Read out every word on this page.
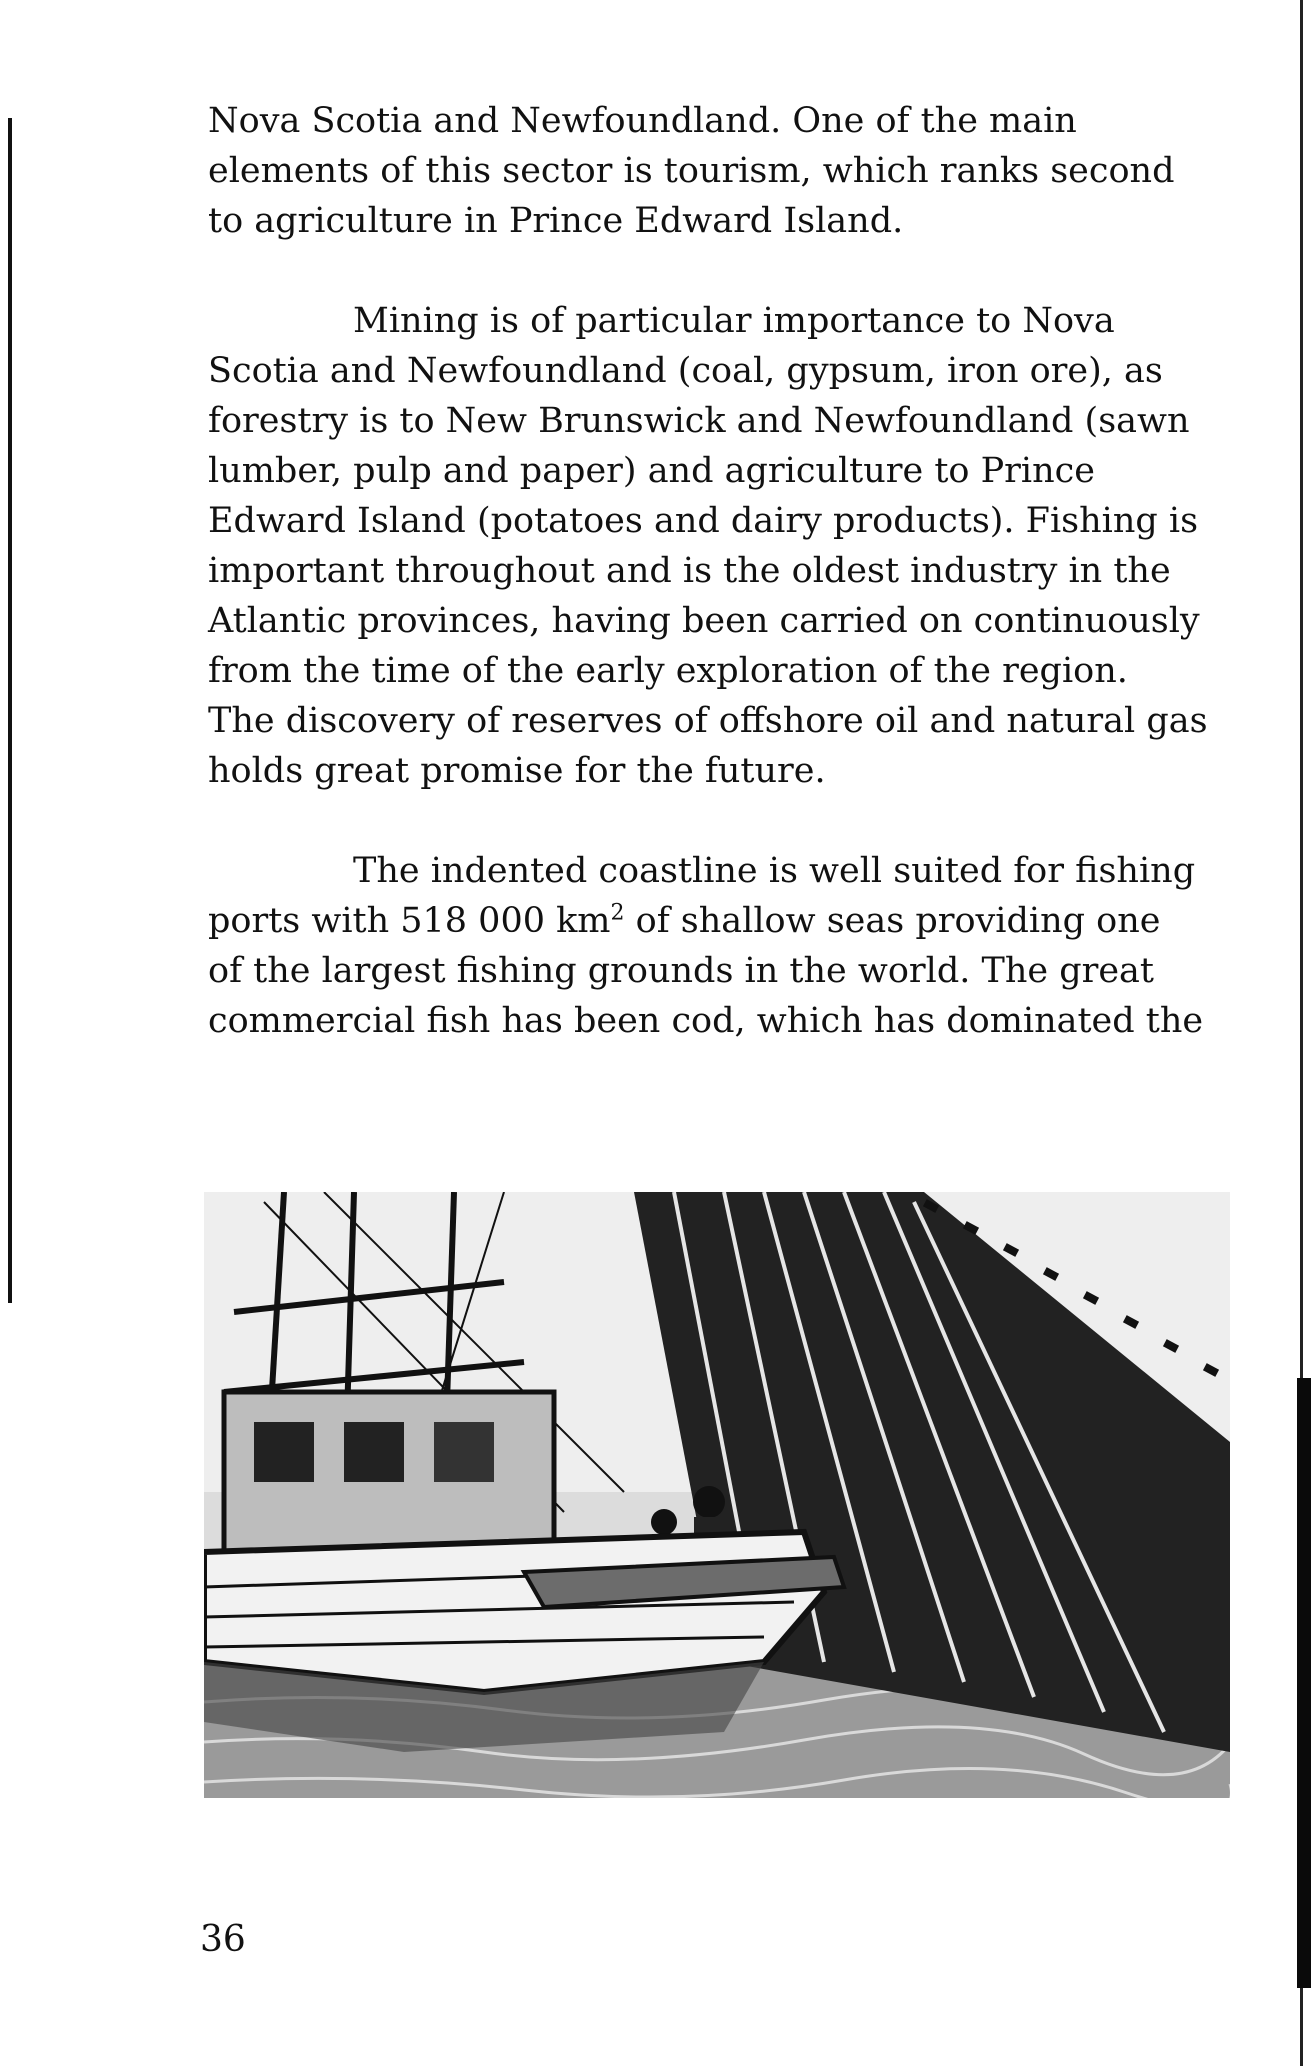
Nova Scotia and Newfoundland. One of the main
elements of this sector is tourism, which ranks second
to agriculture in Prince Edward Island.

Mining is of particular importance to Nova
Scotia and Newfoundland (coal, gypsum, iron ore), as
forestry is to New Brunswick and Newfoundland (sawn
lumber, pulp and paper) and agriculture to Prince
Edward Island (potatoes and dairy products). Fishing is
important throughout and is the oldest industry in the
Atlantic provinces, having been carried on continuously
from the time of the early exploration of the region.
The discovery of reserves of offshore oil and natural gas
holds great promise for the future.

The indented coastline is well suited for fishing
ports with 518 000 $km^2$ of shallow seas providing one
of the largest fishing grounds in the world. The great
commercial fish has been cod, which has dominated the

36
